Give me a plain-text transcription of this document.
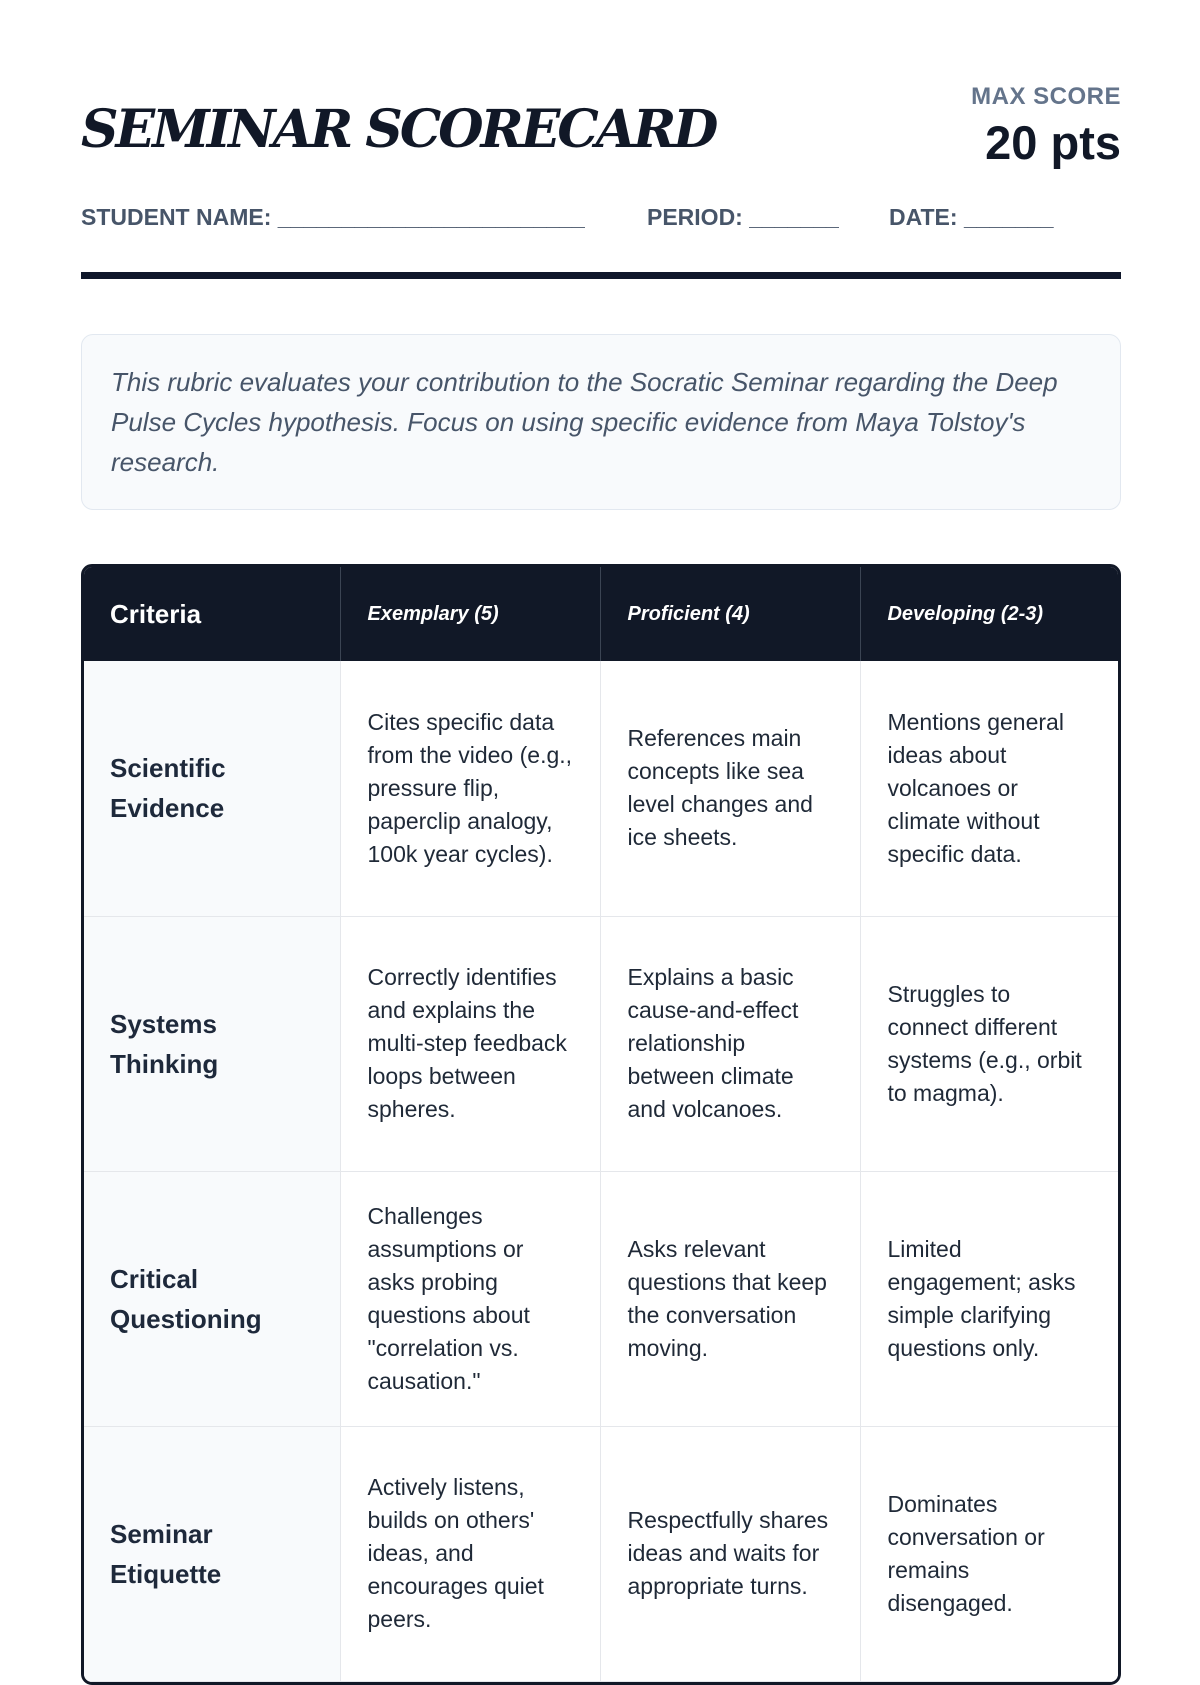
SEMINAR SCORECARD
MAX SCORE
20 pts
STUDENT NAME: ________________________	PERIOD: _______ DATE: _______
This rubric evaluates your contribution to the Socratic Seminar regarding the Deep Pulse Cycles hypothesis. Focus on using specific evidence from Maya Tolstoy's research.
Criteria	Exemplary (5)	Proficient (4)	Developing (2-3)
Scientific Evidence	Cites specific data from the video (e.g., pressure flip, paperclip analogy, 100k year cycles).	References main concepts like sea level changes and ice sheets.	Mentions general ideas about volcanoes or climate without specific data.
Systems Thinking	Correctly identifies and explains the multi-step feedback loops between spheres.	Explains a basic cause-and-effect relationship between climate and volcanoes.	Struggles to connect different systems (e.g., orbit to magma).
Critical Questioning	Challenges assumptions or asks probing questions about "correlation vs. causation."	Asks relevant questions that keep the conversation moving.	Limited engagement; asks simple clarifying questions only.
Seminar Etiquette	Actively listens, builds on others' ideas, and encourages quiet peers.	Respectfully shares ideas and waits for appropriate turns.	Dominates conversation or remains disengaged.
